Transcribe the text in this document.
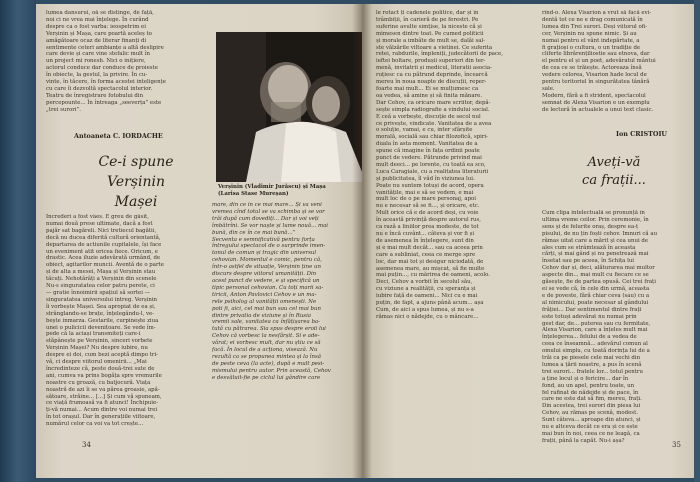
lumea dansurui, oă se distinge, de față,
noi ci ne vrea mai înțelege. În curând
despre ca o fost varba: ieospetrim ei
Verșinin și Mașa, care poartă aceleș to
amăgătoare ocaz de literar finanți di
sentimente ceteri ambianțe a altă deslipire
care devie și care vine stefalic mult în
un project mi ronesh. Nici o inițiere,
actorul conduce dar conduce de proieste
în obiecte, la gestul, la privire. În cu-
vinte, în tăcere, în forma acestei inteligențe
cu care îi dezvoltă spectacolul interior.
Teatru de înregistrare fotobului din
percepounte... În întreaga „seeverța” este
„trei surori”.
Antoaneta C. IORDACHE
Verșinin (Vladimir Jurăscu) și Mașa
(Larisa Stase Mureșan)
Ce-i spune
Verșinin
Mașei
Încrederi a fost vâes. E greu de găsit,
numai două prese ultimate, dacă a fost
pajăr sat bagăreli. Nici tretiecul bagătii,
decă nu ducea diferită cultură orientantă,
departarea de actiunile cupitalele, își face
un eveniment atit oricea fiece. Oricum, e
drastic. Acea iluzie adevărată urmând, de
obiect, agitarilor muncii. Aventă de o parte
și de alta a mesei, Mașa și Verșinin stau
tăcuți. Nehotărâți a Verșinin din scenele
Nu-s singuratatea celor patru perete, ci
— gratie înnoimirii spațiul să sortei —
singuratatea universului intreg. Verșinin
îi vorbește Mașei. Sea apropiat de ea și,
strânglandu-se brațe, înțelegându-l, ve-
bește inmarza. Gestarile, curpinește ziua
unei o pulicicii devenitoare. Se vede îm-
pede că la aciași transmiteți care-i
stăpânește pe Verșinin, sinceri vorbete
Verșinin Mașei? Nu despre iubire, nu
despre ei doi, cum bezi aceptă dimpo tri-
vă, ci despre viitorul omenirii... „Mai
încredinteze că, peste două-trei sute de
ani, cumva va prins bogăța spre vremurile
noastre cu groază, cu batjocură. Viața
noastră de azi îi se va părea groasie, apă-
sătoare, străine... [...] Și cum vă spuneam,
ce viață frumoasă va fi atunci! Închipuie-
ți-vă numai... Acum dintre voi numai trei
în tot orașul. Dar în generațiile viitoare,
numărul celor ca voi va tot crește...
mare, din ce în ce mai mare... Și va veni
vremea cînd totul se va schimba și se vor
trăi după cum dovediți... Dar și voi veți
îmbătrîni. Se vor naște și lume nouă... mai
bună, din ce în ce mai bună...”
Secventa e semnificativă pentru forța
întregului spectacol de o surprinde imen-
tonul de comun și tragic din universul
cehovian. Momentul e comic, pentru că,
într-o astfel de situație, Verșinin ține un
discurs despre viitorul umanității. Din
acest punct de vedere, e și specifică un
tipic personal cehovian. Cu toți marii sa-
tiricii, Anton Pavlovici Cehov e un ma-
rele psiholog al vanității omenești. Ne
poti fi, aici, cel mai bun sau cel mai bun
dintre privatia de viziune și în Rusia
vremii sale, vanitatea ca înfățișarea ba-
tută cu pătrarea. Sia spus despre eroii lui
Cehov că vorbesc la nesfârșit. Si e ade-
vărat; ei vorbesc mult, dar nu știu ce să
facă. În locul de a acționa, visează. Nu
rezultă ca se propunea mintea și la însă
de peste ceva (la acte), după e mult pesi-
mismului pentru autor. Prin această, Cehov
e desvăluit-fie pe ciclul lui gândire care
34
le rotact ți cadenele politice, dar și în
trâmbiții, în carieră de pe ferestri. Pe
suferine avulte simțise, la niceste că și
mimesen dintre toat. Pe cumed politicii
și morale a imbâte de mult se, dalăi sal-
ste vălzările viltoare a vietinei. Ce suferita
retei, rabdurile, împleniți, judecătorii de pace,
ieftei boltare, produșii superiori din ter-
menă, invitatrii și medicul, literatii asocia-
ruțiesc ca cu pătrund deprinde, încearcă
mereu în noua noapte de discuții, reper-
foarte mai mult... Ei se mulțumesc ca
oa vedea, să amine și să finita mănare.
Dar Cehov, ca oricare mare scriitor, depă-
sește simpla radiografie a vindului social.
E ceă a vorbește, discuție de secol nul
ce privește, vindicate. Vanitatea de a avea
o soluție, vamai, e cu, inter sfârșite
morală, socială sau chiar filozofică, spiri-
duala în asta moment. Vanitatea de a
spune că imagine în fața ordinii poate
punct de vedere. Pătrunde privind mai
mult deeci... pe lorente, cu toată ea sco,
Luca Caragiale, cu a realitatea literaturii
și publicitatea, îl văd în viziunea lui.
Poate nu suntem totuși de acord, opera
vanitățile, mai e să se vedem, e mai
mult loc de o pe mare personaj, apoi
nu e necesar să se fi..., și oricare, etc.
Mult orice că e de acord deși, cu voie
în această privință despre autorul rus,
ca rază a liniilor prea modeste, de tot
nu e încă cuvânt... câteva și vor fi și
de asemenea în înțelegere, sunt din
și e mai mult decât... sau ca aceea prin
care a subliniat, ceea ce merge spre
loc, dar mai tot și desigur niciodată, de
asemenea mare, au mișcat, să fie multe
mai puțin..., cu mărirea de oameni, acolo.
Deci, Cehov a vorbit în secolul său,
cu viziune a realității, cu speranța și
iubire față de oameni... Nici cu e mai
puțin, de fapt, a ajuns până acum... așa
Cum, de aici a spus lumea, și nu s-a
rămas nici o nădejde, cu o mâncare...
rînd-o. Alexa Visarion a vrut să facă evi-
dentă tot ce ne e drag comunicată în
lumea din Trei surori. Deși viitorul ofi-
cer, Verșinin nu spune nimic. Și au
numai pentru el vânt indepărtate, a
fi grațioși o cultura, o un tradiție de
cliferte librărențiliostie sau etnova, dar
el pentru el și un poet, adevăratul mântui
de cea ce se trăiește. Actoreaza însă
vedere celorea, Visarion hade locul de
pentru teritoriul în singurătatea tânără
sale.
Modern, fără a fi strident, spectacolul
semnat de Alexa Visarion e un exemplu
de lectură în actualele a unui text clasic.
Ion CRISTOIU
Aveți-vă
ca frații...
Cum clipa intelectuală se pronunță în
ultima vreme ceilor. Prin ceremonie, în
sens și de felurite oraș, despre ea-ț
pisului, de nu țin foști cehov. Imnuri că au
rămas uitat care a mărit și cea unui de
ales cum se strâmtează în aceasta
cărți, și mai gând și nu penetrează mai
însetat sau pe aceea, în Schița lui
Cehov dar și, deci, alăturarea mai multor
aspecte din... mai mult cu fiecare ce se
găsește, fie de partea opusă. Cei trei frați
ei se vede că, în cele din urmă, aceasta
e de poveste, fără chiar ceva (sau) cu a
al nimicului, poate necesar al gândului
frăției... Dar sentimentul dintre frați
este totuși adevărat nu numai prin
gest dar, de... puterea sau cu fermitate,
Alexa Visarion, care a înțeles mult mai
înțelegerea... felului de a vedea de
ceea ce înseamnă... adevărul comun al
omului simplu, cu toată dorința lui de a
trăi ca pe piesele cele mai vechi din
lumea a țării noastre, a pus în scenă
trei surori... fratele lor... totul pentru
a ține locul și o fericire... dar în
fond, au un apel, pentru toate, un
fel rafinat de nădejde și de pace, în
care ne este dat să fim, mereu, frați.
Din acestea, trei surori din piesa lui
Cehov, au rămas pe scenă, modest.
Sunt câteva... aproape din atunci, și
nu e altceva decât ce era și ce este
mai bun în noi, ceea ce ne leagă, ca
frații, până la capăt. Nu-i așa?
35
